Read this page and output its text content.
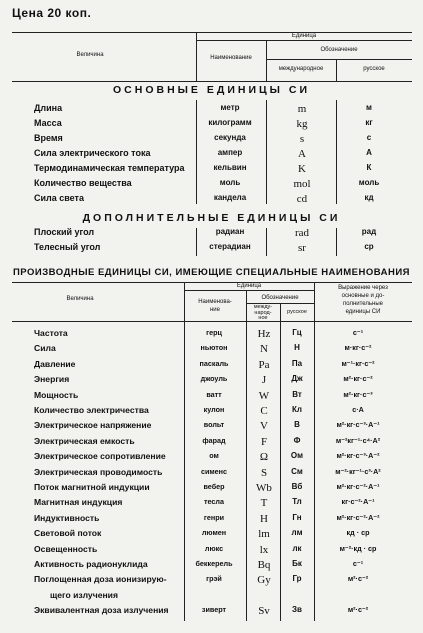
Цена 20 коп.
Величина
Единица
Наименование
Обозначение
международное	русское
ОСНОВНЫЕ ЕДИНИЦЫ СИ
Длина	метр	m	м
Масса	килограмм	kg	кг
Время	секунда	s	с
Сила электрического тока	ампер	A	А
Термодинамическая температура	кельвин	K	К
Количество вещества	моль	mol	моль
Сила света	кандела	cd	кд
ДОПОЛНИТЕЛЬНЫЕ ЕДИНИЦЫ СИ
Плоский угол	радиан	rad	рад
Телесный угол	стерадиан	sr	ср
ПРОИЗВОДНЫЕ ЕДИНИЦЫ СИ, ИМЕЮЩИЕ СПЕЦИАЛЬНЫЕ НАИМЕНОВАНИЯ
Величина
Единица
Наименова-
ние
Обозначение
между-
народ-
ное
русское
Выражение через
основные и до-
полнительные
единицы СИ
Частота	герц	Hz	Гц	с⁻¹
Сила	ньютон	N	Н	м·кг·с⁻²
Давление	паскаль	Pa	Па	м⁻¹·кг·с⁻²
Энергия	джоуль	J	Дж	м²·кг·с⁻²
Мощность	ватт	W	Вт	м²·кг·с⁻³
Количество электричества	кулон	C	Кл	с·А
Электрическое напряжение	вольт	V	В	м²·кг·с⁻³·А⁻¹
Электрическая емкость	фарад	F	Ф	м⁻²кг⁻¹·с⁴·А²
Электрическое сопротивление	ом	Ω	Ом	м²·кг·с⁻³·А⁻²
Электрическая проводимость	сименс	S	См	м⁻²·кг⁻¹·с³·А²
Поток магнитной индукции	вебер	Wb	Вб	м²·кг·с⁻²·А⁻¹
Магнитная индукция	тесла	T	Тл	кг·с⁻²·А⁻¹
Индуктивность	генри	H	Гн	м²·кг·с⁻²·А⁻²
Световой поток	люмен	lm	лм	кд · ср
Освещенность	люкс	lx	лк	м⁻²·кд · ср
Активность радионуклида	беккерель	Bq	Бк	с⁻¹
Поглощенная доза ионизирую-	грэй	Gy	Гр	м²·с⁻²
щего излучения
Эквивалентная доза излучения	зиверт	Sv	Зв	м²·с⁻²
